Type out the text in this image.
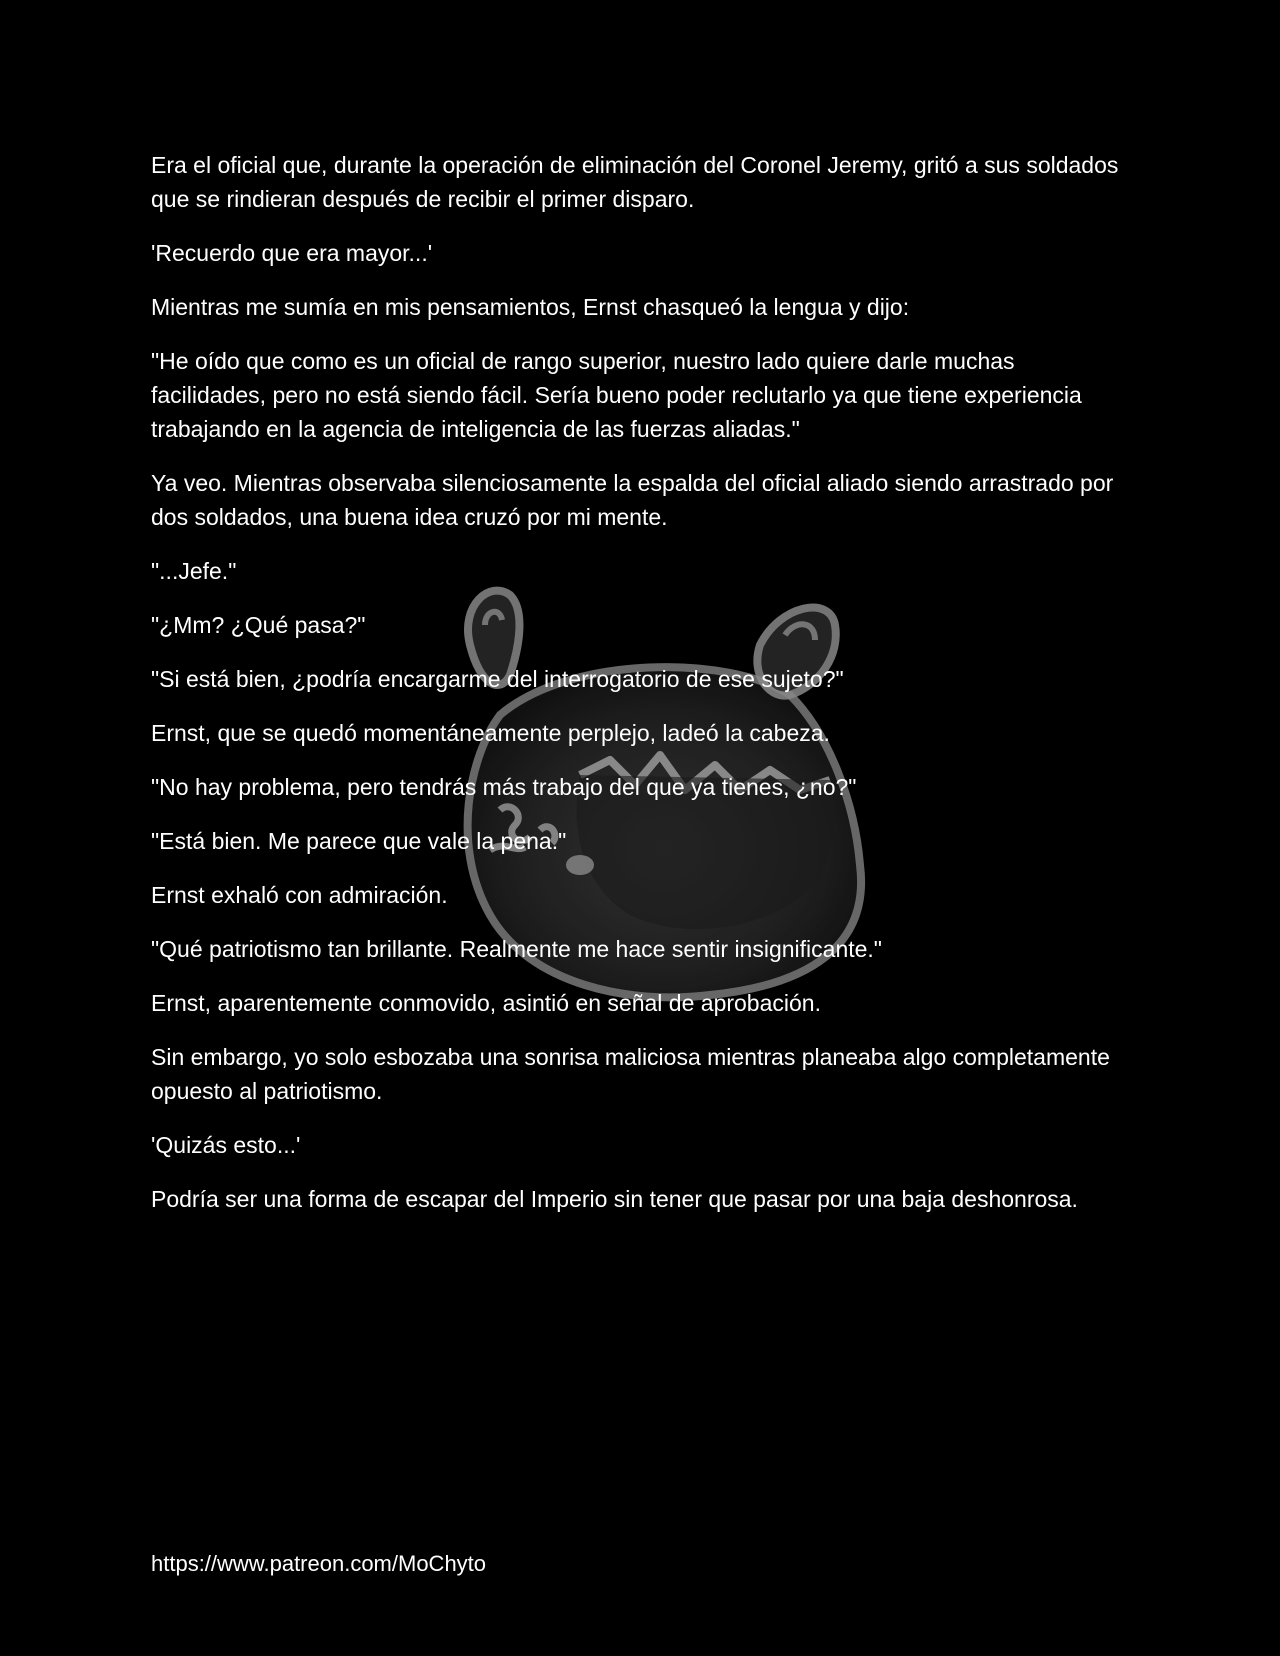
Era el oficial que, durante la operación de eliminación del Coronel Jeremy, gritó a sus soldados que se rindieran después de recibir el primer disparo.

'Recuerdo que era mayor...'

Mientras me sumía en mis pensamientos, Ernst chasqueó la lengua y dijo:

"He oído que como es un oficial de rango superior, nuestro lado quiere darle muchas facilidades, pero no está siendo fácil. Sería bueno poder reclutarlo ya que tiene experiencia trabajando en la agencia de inteligencia de las fuerzas aliadas."

Ya veo. Mientras observaba silenciosamente la espalda del oficial aliado siendo arrastrado por dos soldados, una buena idea cruzó por mi mente.

"...Jefe."

"¿Mm? ¿Qué pasa?"

"Si está bien, ¿podría encargarme del interrogatorio de ese sujeto?"

Ernst, que se quedó momentáneamente perplejo, ladeó la cabeza.

"No hay problema, pero tendrás más trabajo del que ya tienes, ¿no?"

"Está bien. Me parece que vale la pena."

Ernst exhaló con admiración.

"Qué patriotismo tan brillante. Realmente me hace sentir insignificante."

Ernst, aparentemente conmovido, asintió en señal de aprobación.

Sin embargo, yo solo esbozaba una sonrisa maliciosa mientras planeaba algo completamente opuesto al patriotismo.

'Quizás esto...'

Podría ser una forma de escapar del Imperio sin tener que pasar por una baja deshonrosa.

https://www.patreon.com/MoChyto
